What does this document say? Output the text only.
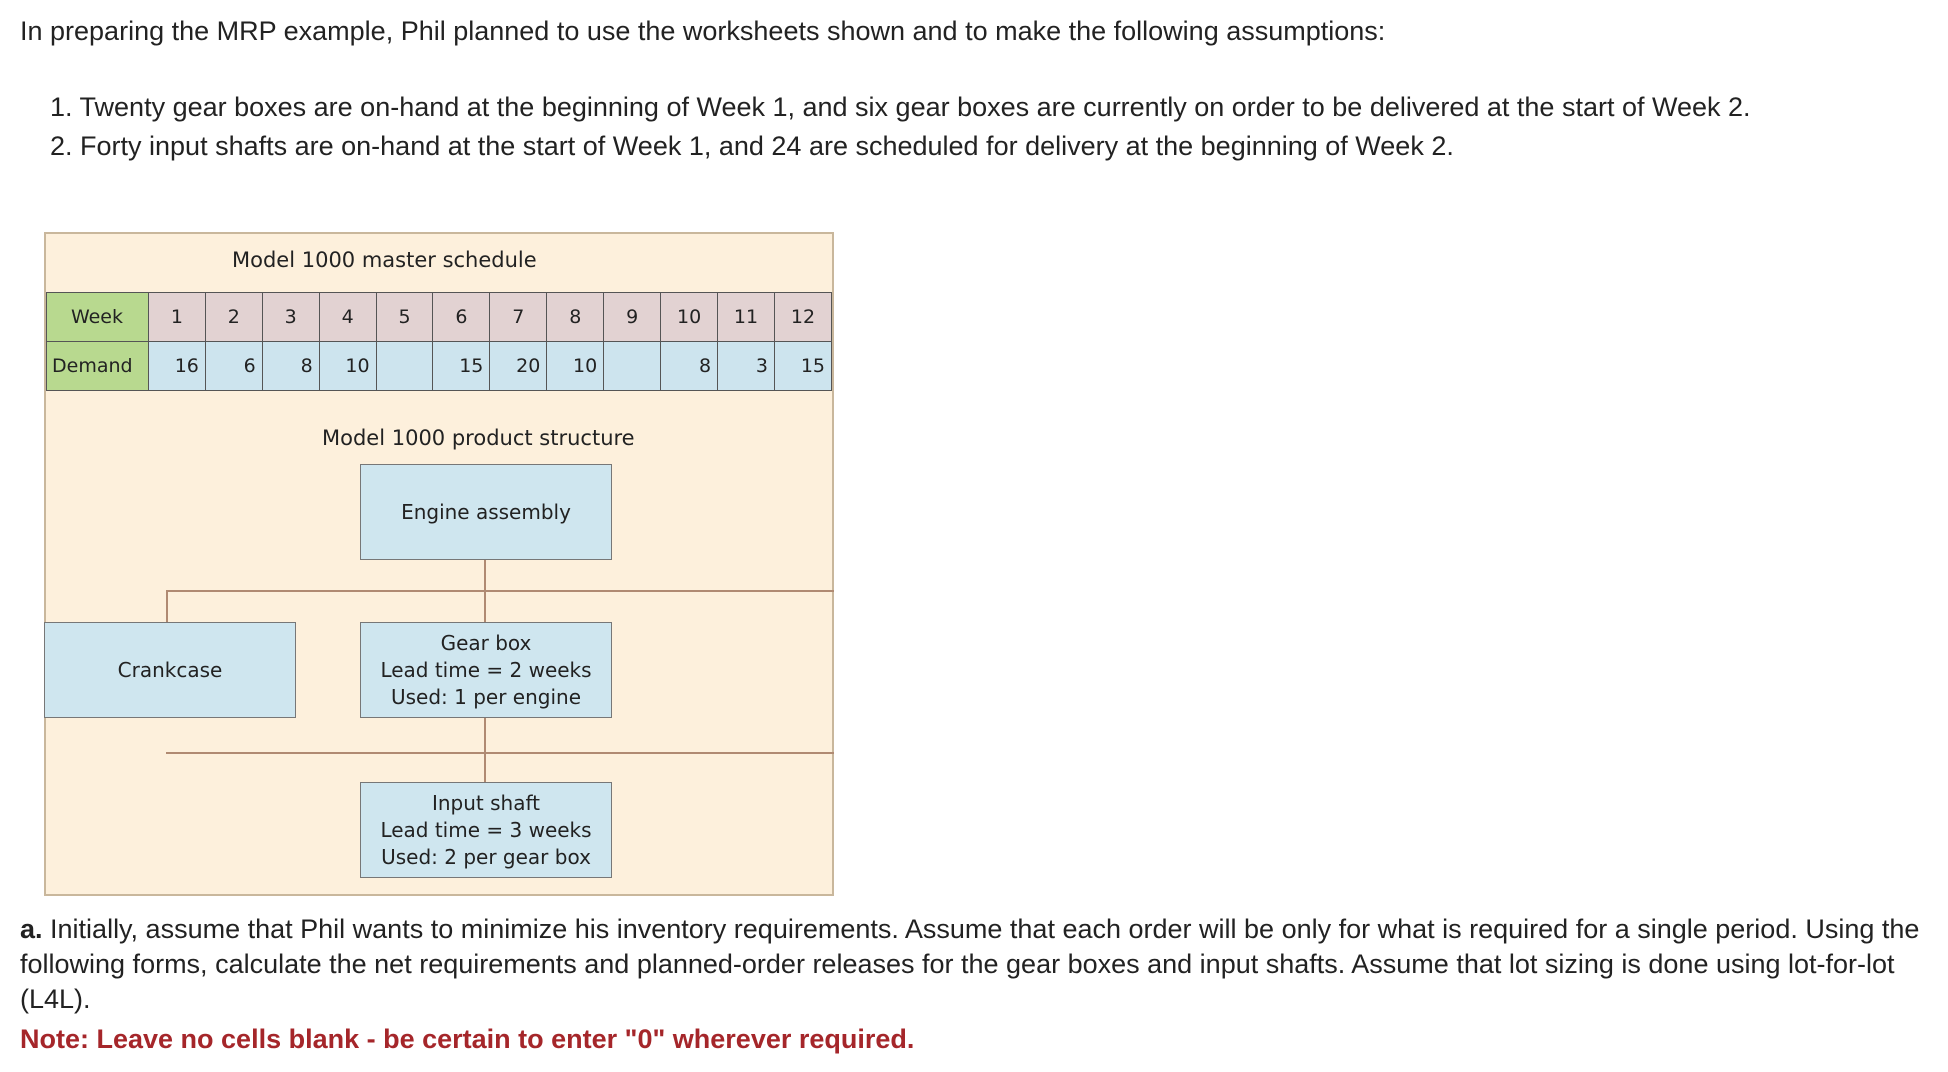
In preparing the MRP example, Phil planned to use the worksheets shown and to make the following assumptions:

1. Twenty gear boxes are on-hand at the beginning of Week 1, and six gear boxes are currently on order to be delivered at the start of Week 2.

2. Forty input shafts are on-hand at the start of Week 1, and 24 are scheduled for delivery at the beginning of Week 2.

Model 1000 master schedule
Week	1	2	3	4	5	6	7	8	9	10	11	12
Demand	16	6	8	10		15	20	10		8	3	15
Model 1000 product structure
Engine assembly
Crankcase
Gear box
Lead time = 2 weeks
Used: 1 per engine
Input shaft
Lead time = 3 weeks
Used: 2 per gear box
a. Initially, assume that Phil wants to minimize his inventory requirements. Assume that each order will be only for what is required for a single period. Using the following forms, calculate the net requirements and planned-order releases for the gear boxes and input shafts. Assume that lot sizing is done using lot-for-lot (L4L).
Note: Leave no cells blank - be certain to enter "0" wherever required.
